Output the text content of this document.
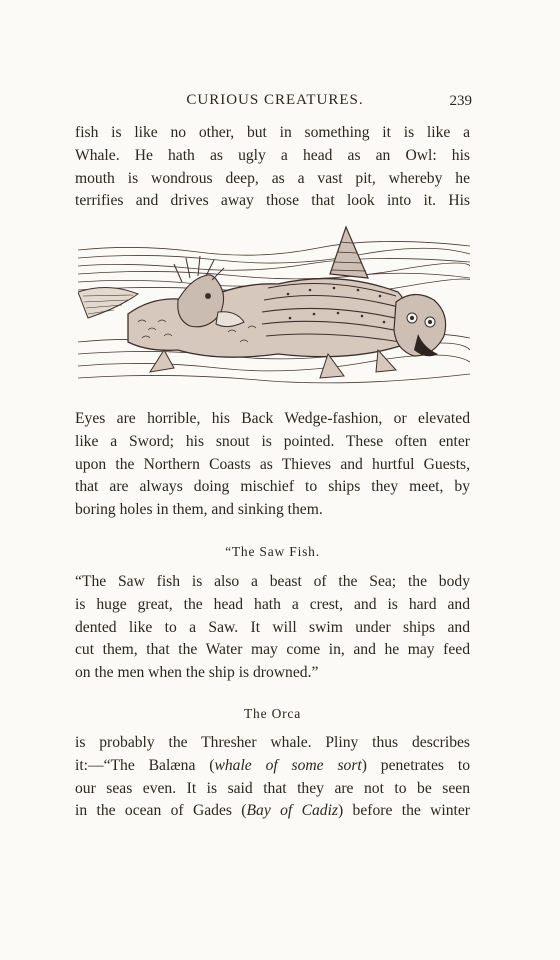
CURIOUS CREATURES.	239
fish is like no other, but in something it is like a
Whale. He hath as ugly a head as an Owl: his
mouth is wondrous deep, as a vast pit, whereby he
terrifies and drives away those that look into it. His
Eyes are horrible, his Back Wedge-fashion, or elevated
like a Sword; his snout is pointed. These often enter
upon the Northern Coasts as Thieves and hurtful Guests,
that are always doing mischief to ships they meet, by
boring holes in them, and sinking them.
“The Saw Fish.
“The Saw fish is also a beast of the Sea; the body
is huge great, the head hath a crest, and is hard and
dented like to a Saw. It will swim under ships and
cut them, that the Water may come in, and he may feed
on the men when the ship is drowned.”
The Orca
is probably the Thresher whale. Pliny thus describes
it:—“The Balæna (whale of some sort) penetrates to
our seas even. It is said that they are not to be seen
in the ocean of Gades (Bay of Cadiz) before the winter
